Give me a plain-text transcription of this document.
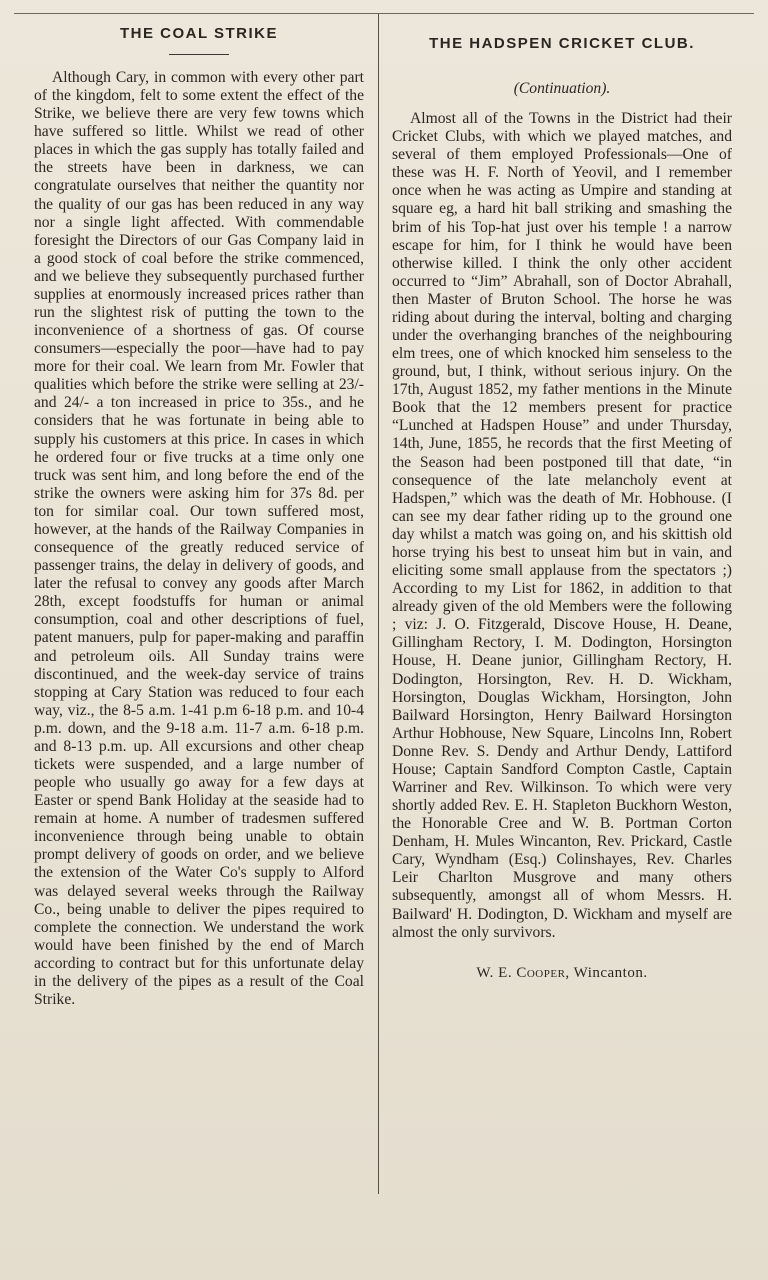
THE COAL STRIKE

Although Cary, in common with every other part of the kingdom, felt to some extent the effect of the Strike, we believe there are very few towns which have suffered so little. Whilst we read of other places in which the gas supply has totally failed and the streets have been in darkness, we can congratulate ourselves that neither the quantity nor the quality of our gas has been reduced in any way nor a single light affected. With commendable foresight the Directors of our Gas Company laid in a good stock of coal before the strike commenced, and we believe they subsequently purchased further supplies at enormously increased prices rather than run the slightest risk of putting the town to the inconvenience of a shortness of gas. Of course consumers—especially the poor—have had to pay more for their coal. We learn from Mr. Fowler that qualities which before the strike were selling at 23/- and 24/- a ton increased in price to 35s., and he considers that he was fortunate in being able to supply his customers at this price. In cases in which he ordered four or five trucks at a time only one truck was sent him, and long before the end of the strike the owners were asking him for 37s 8d. per ton for similar coal. Our town suffered most, however, at the hands of the Railway Companies in consequence of the greatly reduced service of passenger trains, the delay in delivery of goods, and later the refusal to convey any goods after March 28th, except foodstuffs for human or animal consumption, coal and other descriptions of fuel, patent manuers, pulp for paper-making and paraffin and petroleum oils. All Sunday trains were discontinued, and the week-day service of trains stopping at Cary Station was reduced to four each way, viz., the 8-5 a.m. 1-41 p.m 6-18 p.m. and 10-4 p.m. down, and the 9-18 a.m. 11-7 a.m. 6-18 p.m. and 8-13 p.m. up. All excursions and other cheap tickets were suspended, and a large number of people who usually go away for a few days at Easter or spend Bank Holiday at the seaside had to remain at home. A number of tradesmen suffered inconvenience through being unable to obtain prompt delivery of goods on order, and we believe the extension of the Water Co's supply to Alford was delayed several weeks through the Railway Co., being unable to deliver the pipes required to complete the connection. We understand the work would have been finished by the end of March according to contract but for this unfortunate delay in the delivery of the pipes as a result of the Coal Strike.

THE HADSPEN CRICKET CLUB.

(Continuation).

Almost all of the Towns in the District had their Cricket Clubs, with which we played matches, and several of them employed Professionals—One of these was H. F. North of Yeovil, and I remember once when he was acting as Umpire and standing at square eg, a hard hit ball striking and smashing the brim of his Top-hat just over his temple ! a narrow escape for him, for I think he would have been otherwise killed. I think the only other accident occurred to “Jim” Abrahall, son of Doctor Abrahall, then Master of Bruton School. The horse he was riding about during the interval, bolting and charging under the overhanging branches of the neighbouring elm trees, one of which knocked him senseless to the ground, but, I think, without serious injury. On the 17th, August 1852, my father mentions in the Minute Book that the 12 members present for practice “Lunched at Hadspen House” and under Thursday, 14th, June, 1855, he records that the first Meeting of the Season had been postponed till that date, “in consequence of the late melancholy event at Hadspen,” which was the death of Mr. Hobhouse. (I can see my dear father riding up to the ground one day whilst a match was going on, and his skittish old horse trying his best to unseat him but in vain, and eliciting some small applause from the spectators ;) According to my List for 1862, in addition to that already given of the old Members were the following ; viz: J. O. Fitzgerald, Discove House, H. Deane, Gillingham Rectory, I. M. Dodington, Horsington House, H. Deane junior, Gillingham Rectory, H. Dodington, Horsington, Rev. H. D. Wickham, Horsington, Douglas Wickham, Horsington, John Bailward Horsington, Henry Bailward Horsington Arthur Hobhouse, New Square, Lincolns Inn, Robert Donne Rev. S. Dendy and Arthur Dendy, Lattiford House; Captain Sandford Compton Castle, Captain Warriner and Rev. Wilkinson. To which were very shortly added Rev. E. H. Stapleton Buckhorn Weston, the Honorable Cree and W. B. Portman Corton Denham, H. Mules Wincanton, Rev. Prickard, Castle Cary, Wyndham (Esq.) Colinshayes, Rev. Charles Leir Charlton Musgrove and many others subsequently, amongst all of whom Messrs. H. Bailward' H. Dodington, D. Wickham and myself are almost the only survivors.

W. E. Cooper, Wincanton.
